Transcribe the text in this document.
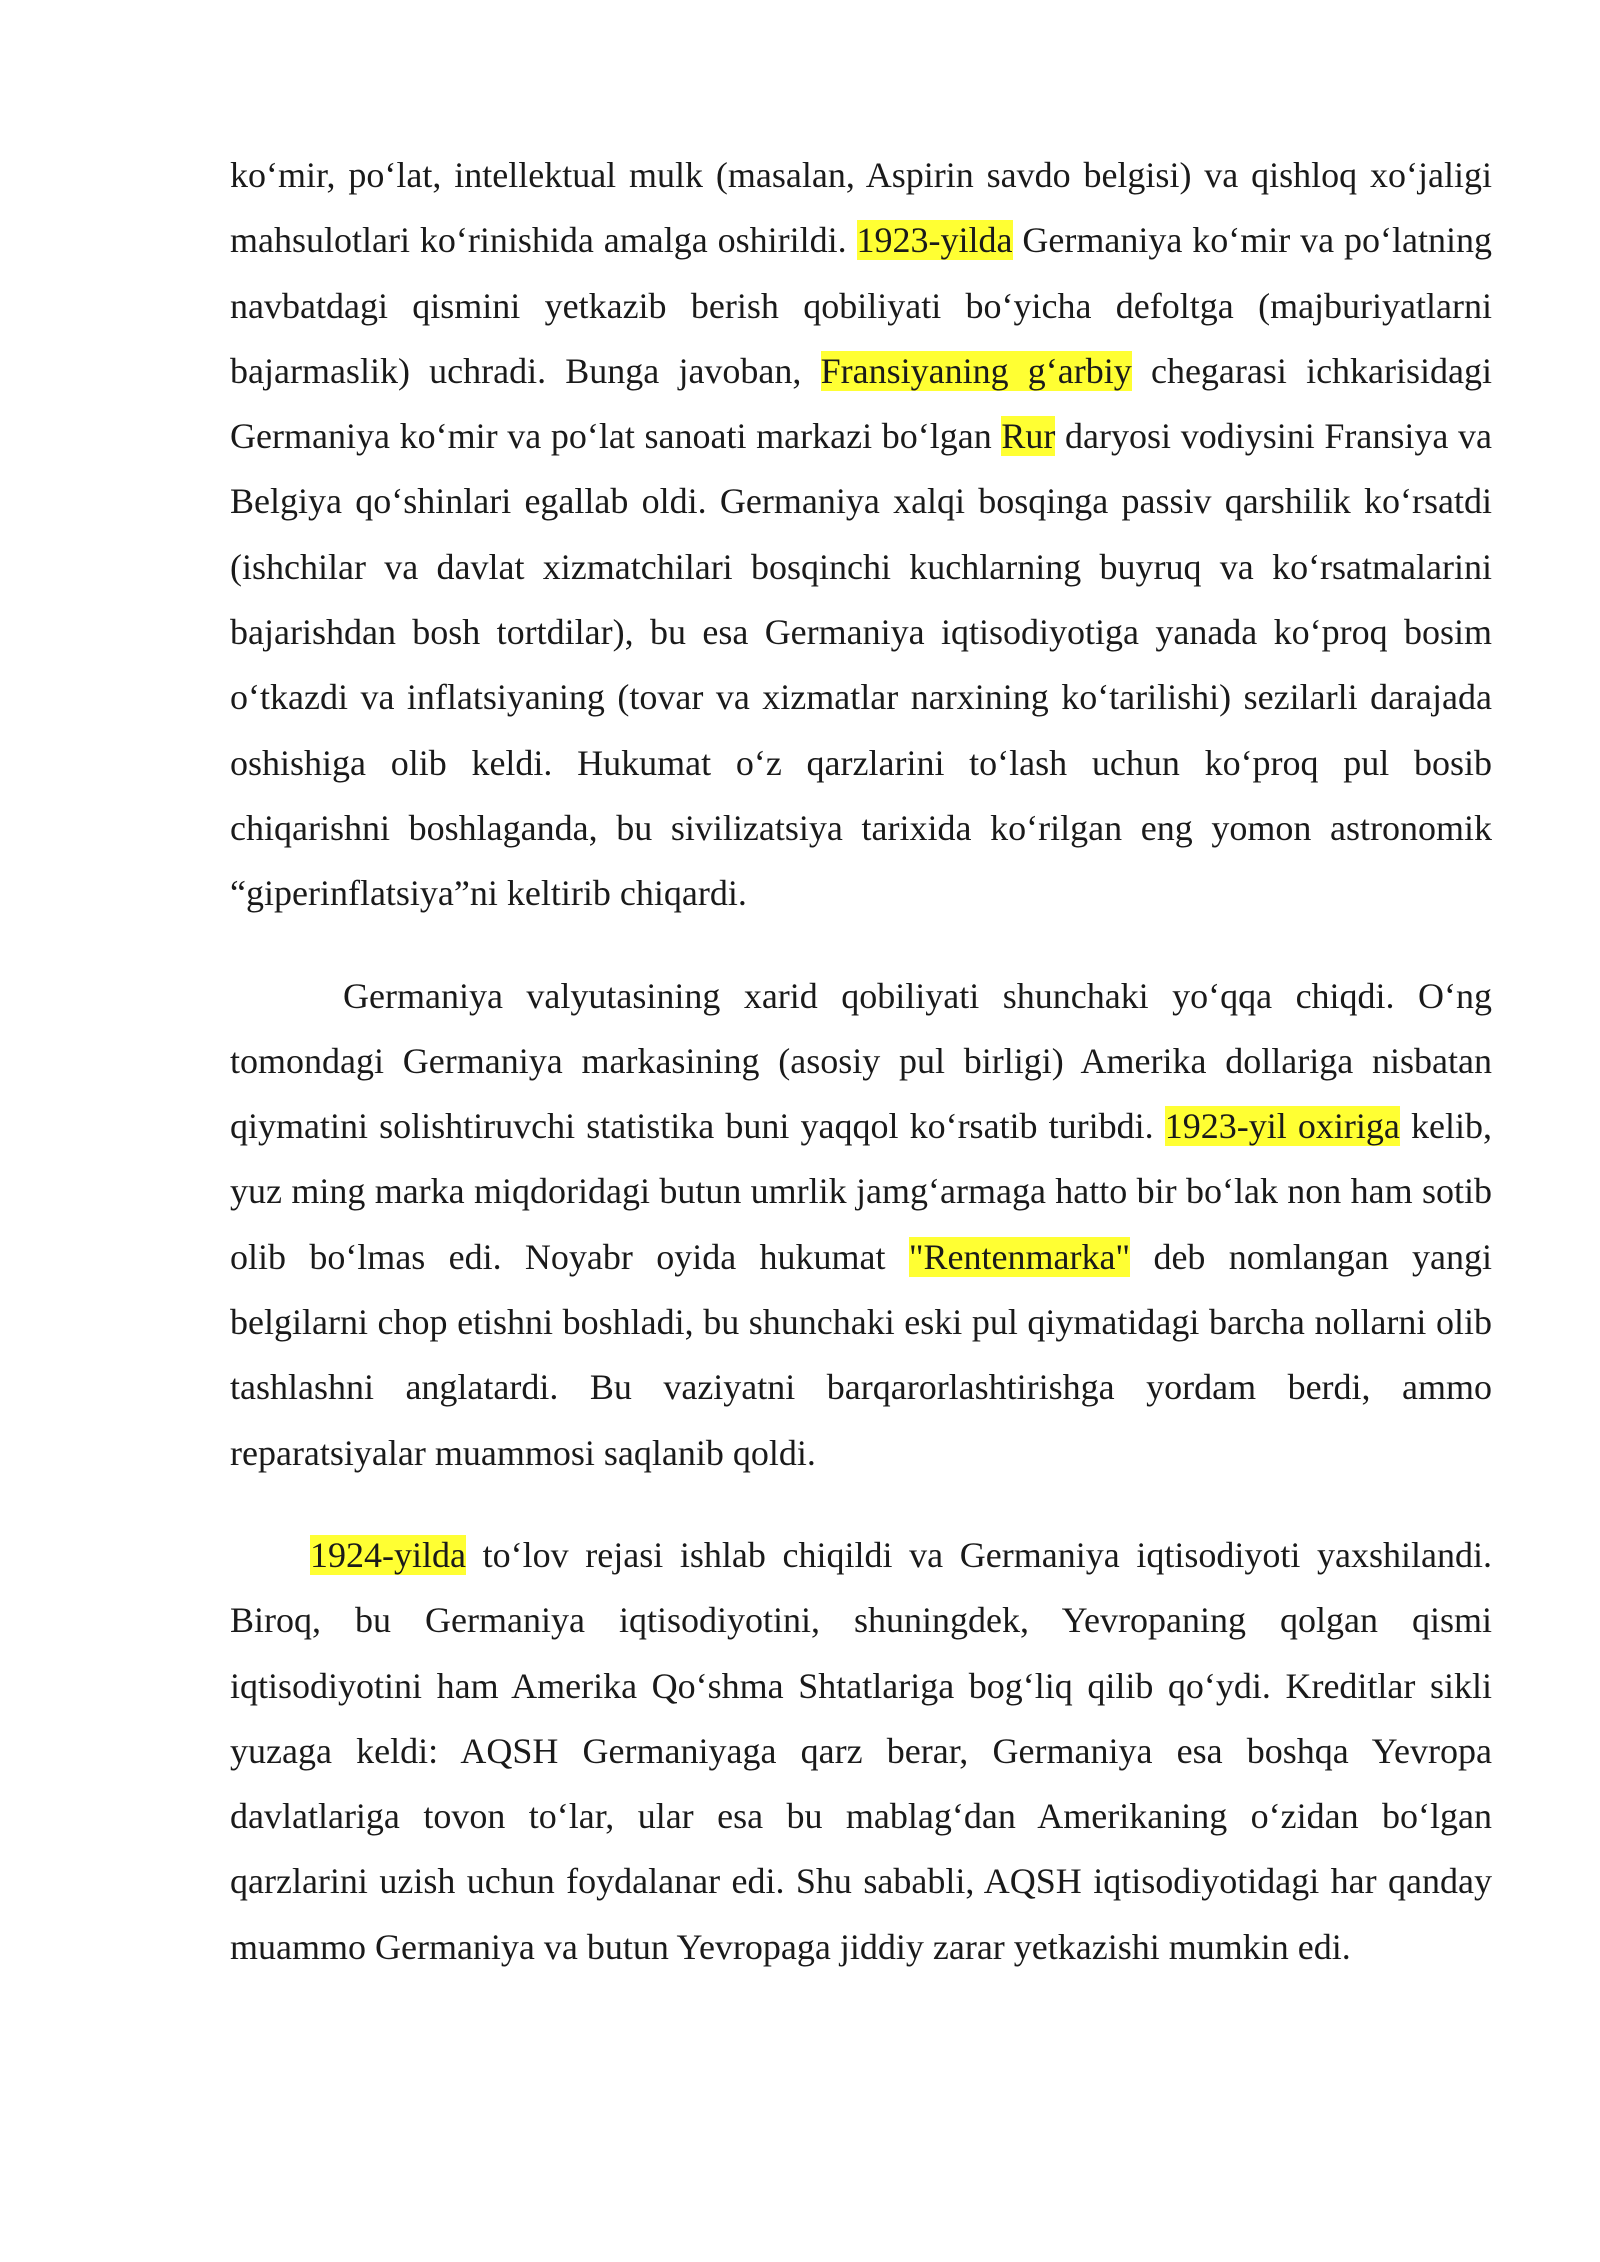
ko‘mir, po‘lat, intellektual mulk (masalan, Aspirin savdo belgisi) va qishloq xo‘jaligi mahsulotlari ko‘rinishida amalga oshirildi. 1923-yilda Germaniya ko‘mir va po‘latning navbatdagi qismini yetkazib berish qobiliyati bo‘yicha defoltga (majburiyatlarni bajarmaslik) uchradi. Bunga javoban, Fransiyaning g‘arbiy chegarasi ichkarisidagi Germaniya ko‘mir va po‘lat sanoati markazi bo‘lgan Rur daryosi vodiysini Fransiya va Belgiya qo‘shinlari egallab oldi. Germaniya xalqi bosqinga passiv qarshilik ko‘rsatdi (ishchilar va davlat xizmatchilari bosqinchi kuchlarning buyruq va ko‘rsatmalarini bajarishdan bosh tortdilar), bu esa Germaniya iqtisodiyotiga yanada ko‘proq bosim o‘tkazdi va inflatsiyaning (tovar va xizmatlar narxining ko‘tarilishi) sezilarli darajada oshishiga olib keldi. Hukumat o‘z qarzlarini to‘lash uchun ko‘proq pul bosib chiqarishni boshlaganda, bu sivilizatsiya tarixida ko‘rilgan eng yomon astronomik “giperinflatsiya”ni keltirib chiqardi.

Germaniya valyutasining xarid qobiliyati shunchaki yo‘qqa chiqdi. O‘ng tomondagi Germaniya markasining (asosiy pul birligi) Amerika dollariga nisbatan qiymatini solishtiruvchi statistika buni yaqqol ko‘rsatib turibdi. 1923-yil oxiriga kelib, yuz ming marka miqdoridagi butun umrlik jamg‘armaga hatto bir bo‘lak non ham sotib olib bo‘lmas edi. Noyabr oyida hukumat "Rentenmarka" deb nomlangan yangi belgilarni chop etishni boshladi, bu shunchaki eski pul qiymatidagi barcha nollarni olib tashlashni anglatardi. Bu vaziyatni barqarorlashtirishga yordam berdi, ammo reparatsiyalar muammosi saqlanib qoldi.

1924-yilda to‘lov rejasi ishlab chiqildi va Germaniya iqtisodiyoti yaxshilandi. Biroq, bu Germaniya iqtisodiyotini, shuningdek, Yevropaning qolgan qismi iqtisodiyotini ham Amerika Qo‘shma Shtatlariga bog‘liq qilib qo‘ydi. Kreditlar sikli yuzaga keldi: AQSH Germaniyaga qarz berar, Germaniya esa boshqa Yevropa davlatlariga tovon to‘lar, ular esa bu mablag‘dan Amerikaning o‘zidan bo‘lgan qarzlarini uzish uchun foydalanar edi. Shu sababli, AQSH iqtisodiyotidagi har qanday muammo Germaniya va butun Yevropaga jiddiy zarar yetkazishi mumkin edi.
